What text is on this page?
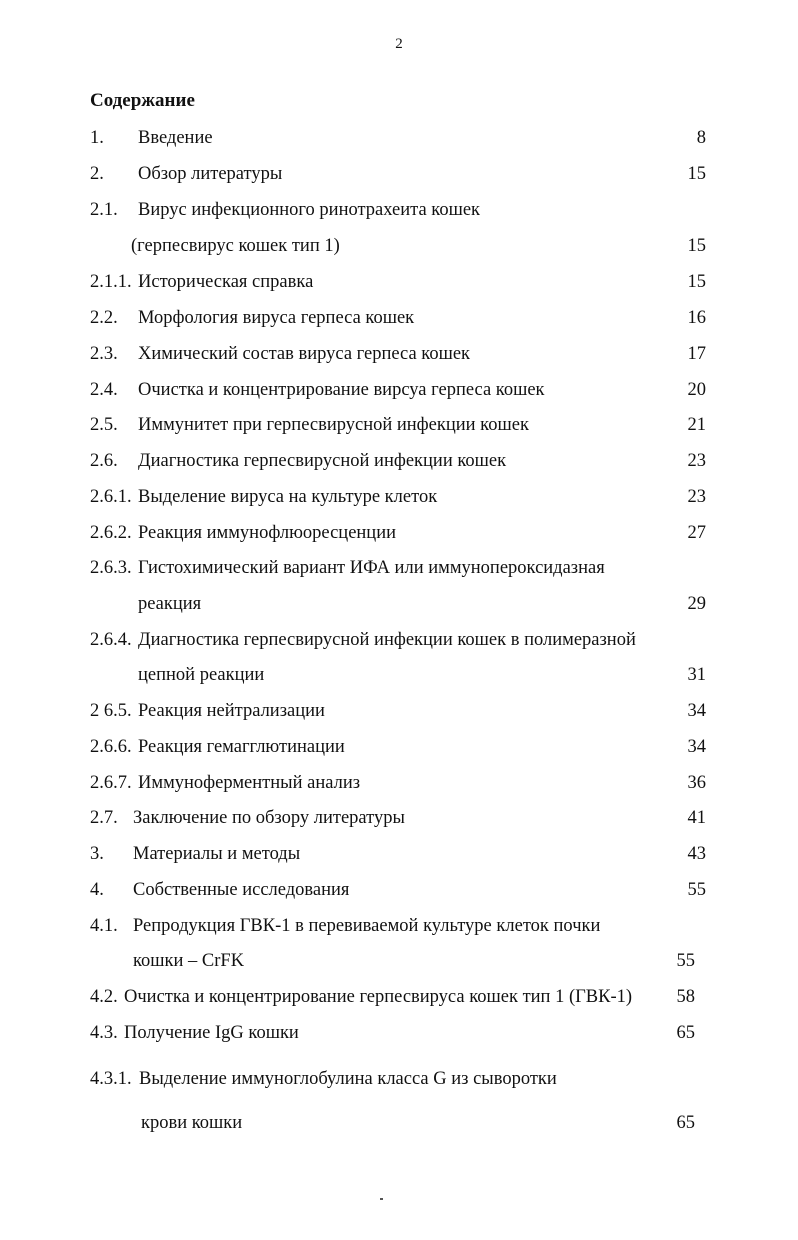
2
Содержание
1. Введение	8
2. Обзор литературы	15
2.1. Вирус инфекционного ринотрахеита кошек
(герпесвирус кошек тип 1)	15
2.1.1. Историческая справка	15
2.2. Морфология вируса герпеса кошек	16
2.3. Химический состав вируса герпеса кошек	17
2.4. Очистка и концентрирование вирсуа герпеса кошек	20
2.5. Иммунитет при герпесвирусной инфекции кошек	21
2.6. Диагностика герпесвирусной инфекции кошек	23
2.6.1. Выделение вируса на культуре клеток	23
2.6.2. Реакция иммунофлюоресценции	27
2.6.3. Гистохимический вариант ИФА или иммунопероксидазная
реакция	29
2.6.4. Диагностика герпесвирусной инфекции кошек в полимеразной
цепной реакции	31
2 6.5. Реакция нейтрализации	34
2.6.6. Реакция гемагглютинации	34
2.6.7. Иммуноферментный анализ	36
2.7. Заключение по обзору литературы	41
3. Материалы и методы	43
4. Собственные исследования	55
4.1. Репродукция ГВК-1 в перевиваемой культуре клеток почки
кошки – CrFK	55
4.2. Очистка и концентрирование герпесвируса кошек тип 1 (ГВК-1) 58
4.3. Получение IgG кошки	65
4.3.1. Выделение иммуноглобулина класса G из сыворотки
крови кошки	65
